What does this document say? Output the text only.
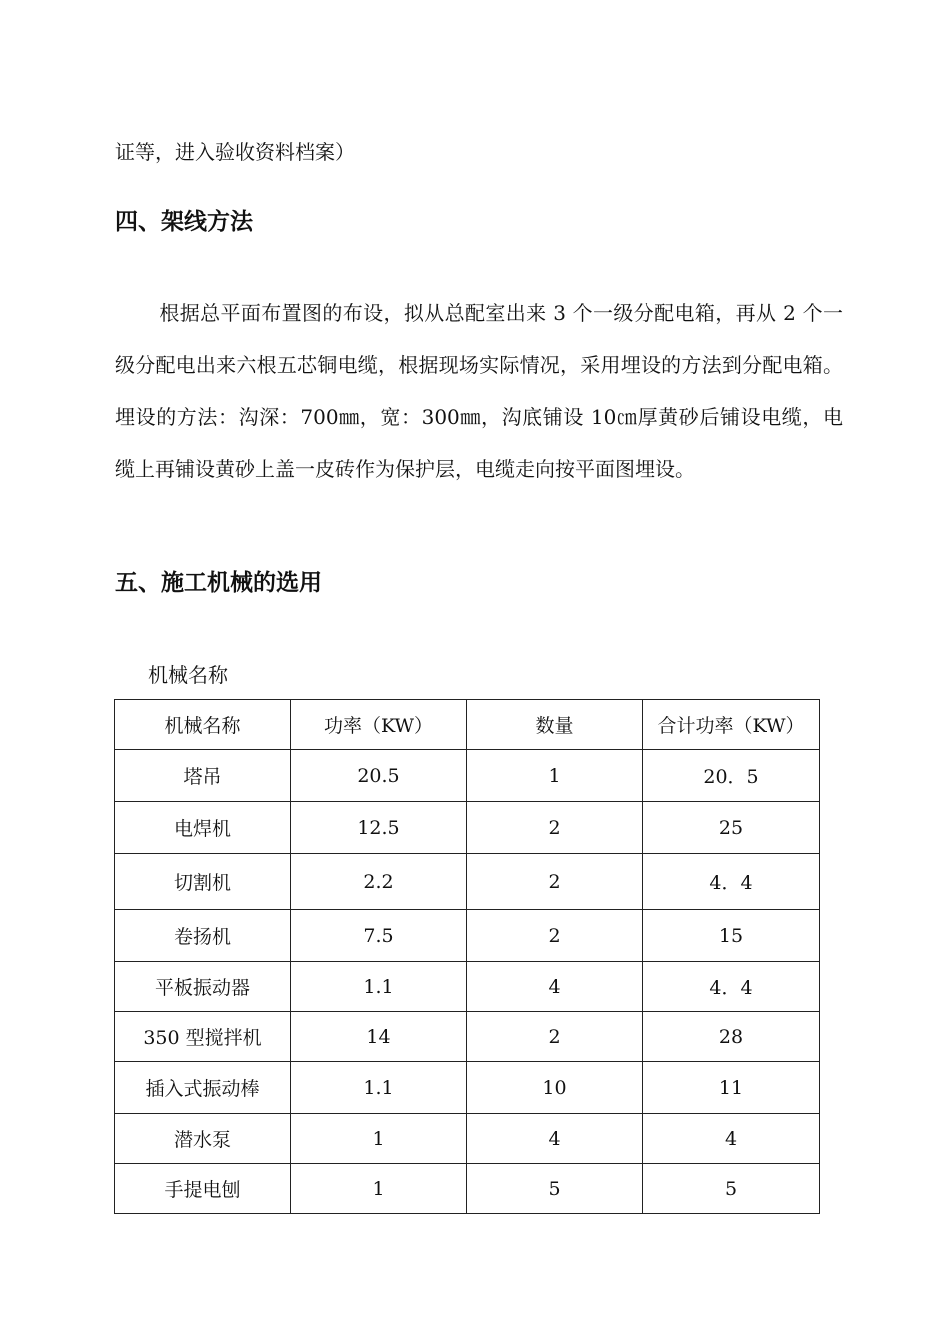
证等，进入验收资料档案）
四、架线方法
根据总平面布置图的布设，拟从总配室出来 3 个一级分配电箱，再从 2 个一级分配电出来六根五芯铜电缆，根据现场实际情况，采用埋设的方法到分配电箱。埋设的方法：沟深：700㎜，宽：300㎜，沟底铺设 10㎝厚黄砂后铺设电缆，电缆上再铺设黄砂上盖一皮砖作为保护层，电缆走向按平面图埋设。
五、施工机械的选用
机械名称
机械名称	功率（KW）	数量	合计功率（KW）
塔吊	20.5	1	20．5
电焊机	12.5	2	25
切割机	2.2	2	4．4
卷扬机	7.5	2	15
平板振动器	1.1	4	4．4
350 型搅拌机	14	2	28
插入式振动棒	1.1	10	11
潜水泵	1	4	4
手提电刨	1	5	5
